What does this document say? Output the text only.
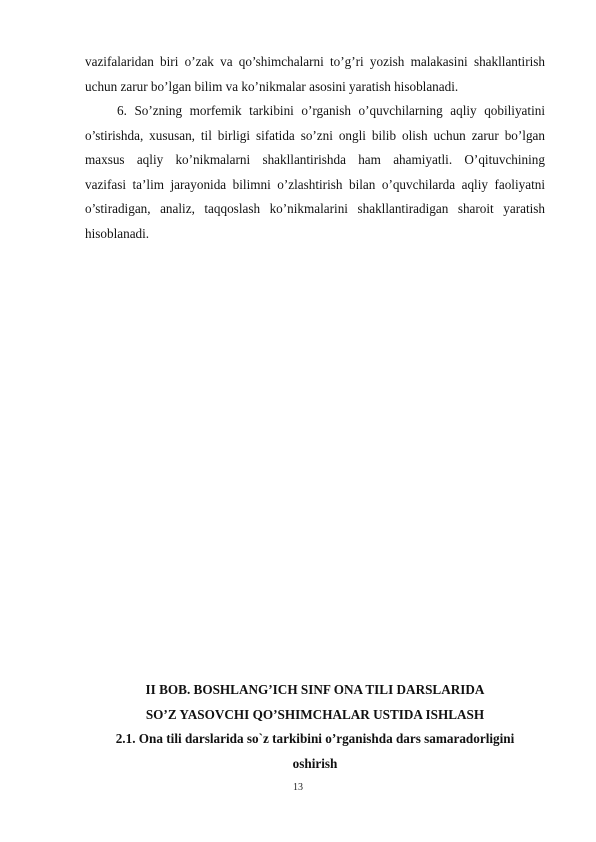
vazifalaridan biri o’zak va qo’shimchalarni to’g’ri yozish malakasini shakllantirish
uchun zarur bo’lgan bilim va ko’nikmalar asosini yaratish hisoblanadi.
6. So’zning morfemik tarkibini o’rganish o’quvchilarning aqliy qobiliyatini
o’stirishda, xususan, til birligi sifatida so’zni ongli bilib olish uchun zarur bo’lgan
maxsus aqliy ko’nikmalarni shakllantirishda ham ahamiyatli. O’qituvchining
vazifasi ta’lim jarayonida bilimni o’zlashtirish bilan o’quvchilarda aqliy faoliyatni
o’stiradigan, analiz, taqqoslash ko’nikmalarini shakllantiradigan sharoit yaratish
hisoblanadi.
II BOB. BOSHLANG’ICH SINF ONA TILI DARSLARIDA
SO’Z YASOVCHI QO’SHIMCHALAR USTIDA ISHLASH
2.1. Ona tili darslarida so`z tarkibini o’rganishda dars samaradorligini
oshirish
13
